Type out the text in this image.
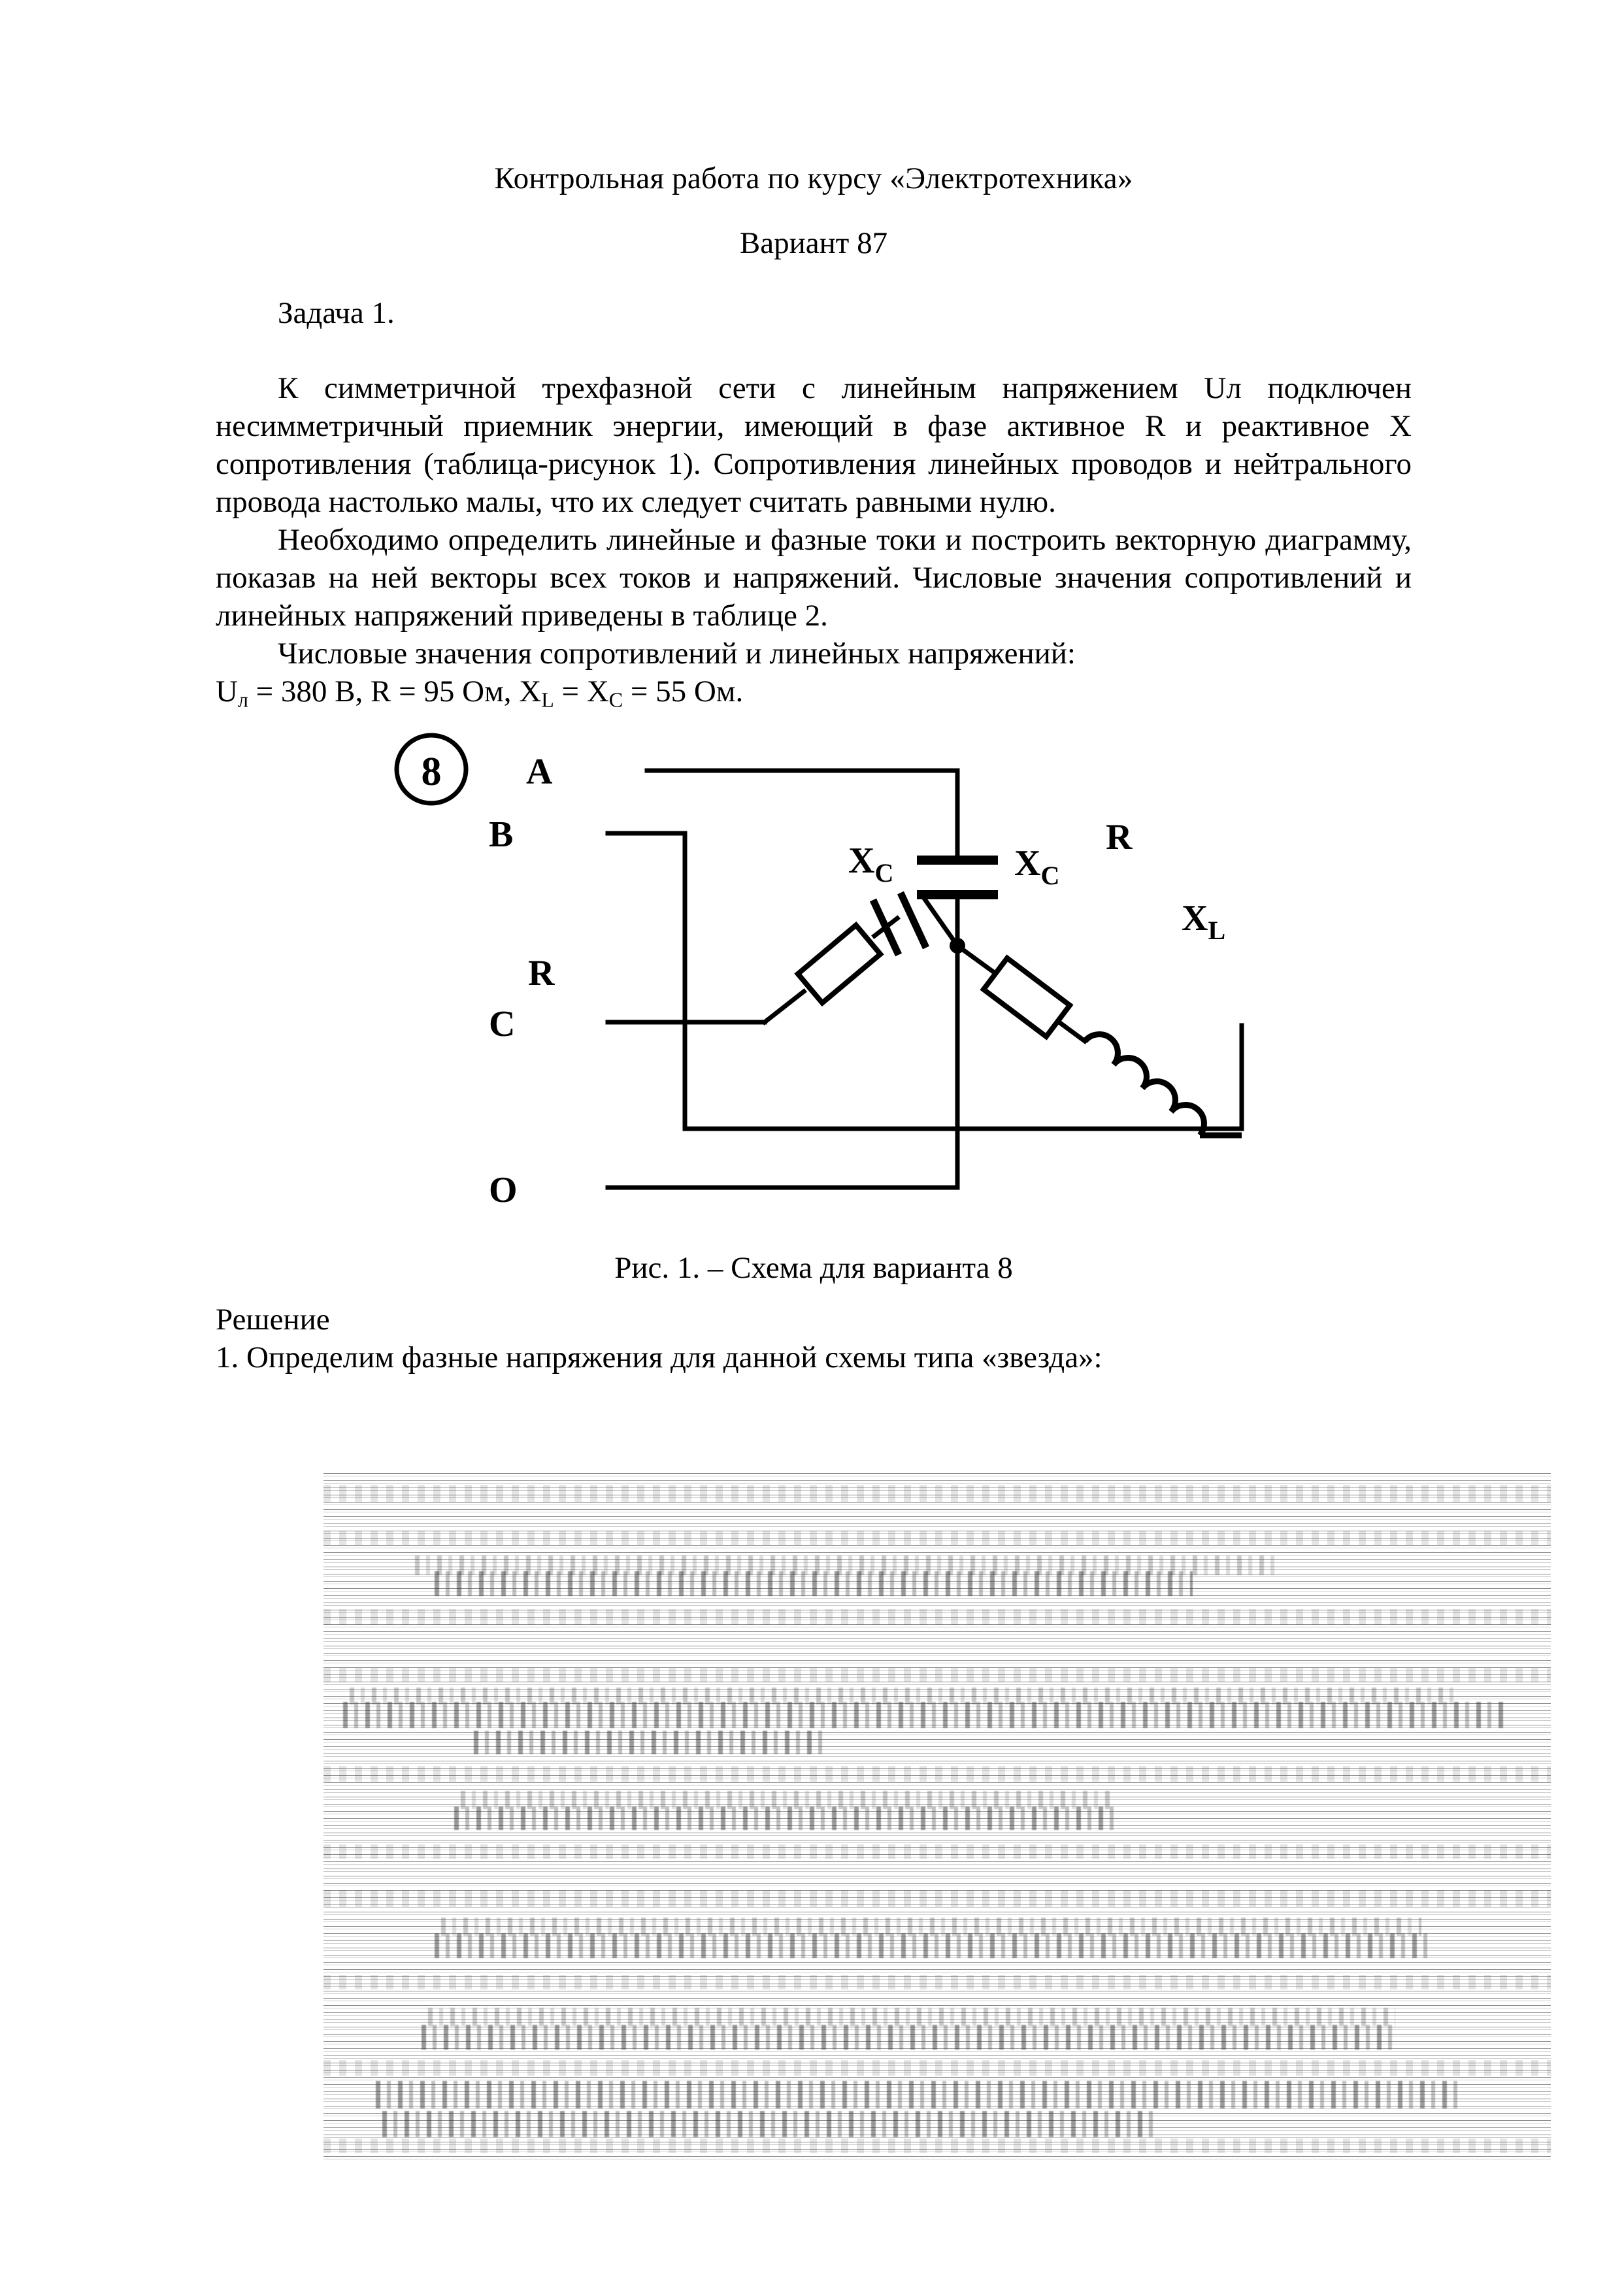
Контрольная работа по курсу «Электротехника»
Вариант 87
Задача 1.

К симметричной трехфазной сети с линейным напряжением Uл подключен несимметричный приемник энергии, имеющий в фазе активное R и реактивное X сопротивления (таблица-рисунок 1). Сопротивления линейных проводов и нейтрального провода настолько малы, что их следует считать равными нулю.

Необходимо определить линейные и фазные токи и построить векторную диаграмму, показав на ней векторы всех токов и напряжений. Числовые значения сопротивлений и линейных напряжений приведены в таблице 2.

Числовые значения сопротивлений и линейных напряжений:

$U_л = 380$ В, R = 95 Ом, $X_L = X_C = 55$ Ом.

8 A
B
C
O
$X_C$
R
$X_C$
R
$X_L$
Рис. 1. – Схема для варианта 8

Решение

1. Определим фазные напряжения для данной схемы типа «звезда»:
